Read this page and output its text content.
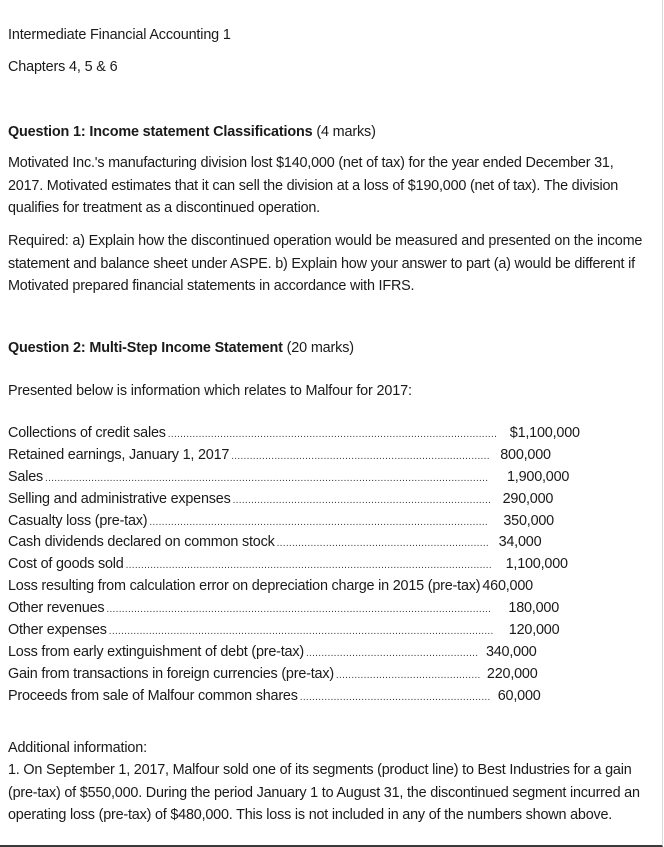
Intermediate Financial Accounting 1
Chapters 4, 5 & 6
Question 1: Income statement Classifications (4 marks)
Motivated Inc.'s manufacturing division lost $140,000 (net of tax) for the year ended December 31, 2017. Motivated estimates that it can sell the division at a loss of $190,000 (net of tax). The division qualifies for treatment as a discontinued operation.
Required: a) Explain how the discontinued operation would be measured and presented on the income statement and balance sheet under ASPE. b) Explain how your answer to part (a) would be different if Motivated prepared financial statements in accordance with IFRS.
Question 2: Multi-Step Income Statement (20 marks)
Presented below is information which relates to Malfour for 2017:
Collections of credit sales ........................................................................................................... $1,100,000
Retained earnings, January 1, 2017 .................................................................................... 800,000
Sales ................................................................................................................................................	1,900,000
Selling and administrative expenses .................................................................................... 290,000
Casualty loss (pre-tax) ..............................................................................................................	350,000
Cash dividends declared on common stock ..................................................................... 34,000
Cost of goods sold ....................................................................................................................... 1,100,000
Loss resulting from calculation error on depreciation charge in 2015 (pre-tax) 460,000
Other revenues .............................................................................................................................	180,000
Other expenses .............................................................................................................................	120,000
Loss from early extinguishment of debt (pre-tax) ........................................................ 340,000
Gain from transactions in foreign currencies (pre-tax) ............................................... 220,000
Proceeds from sale of Malfour common shares .............................................................. 60,000
Additional information:
1. On September 1, 2017, Malfour sold one of its segments (product line) to Best Industries for a gain (pre-tax) of $550,000. During the period January 1 to August 31, the discontinued segment incurred an operating loss (pre-tax) of $480,000. This loss is not included in any of the numbers shown above.
